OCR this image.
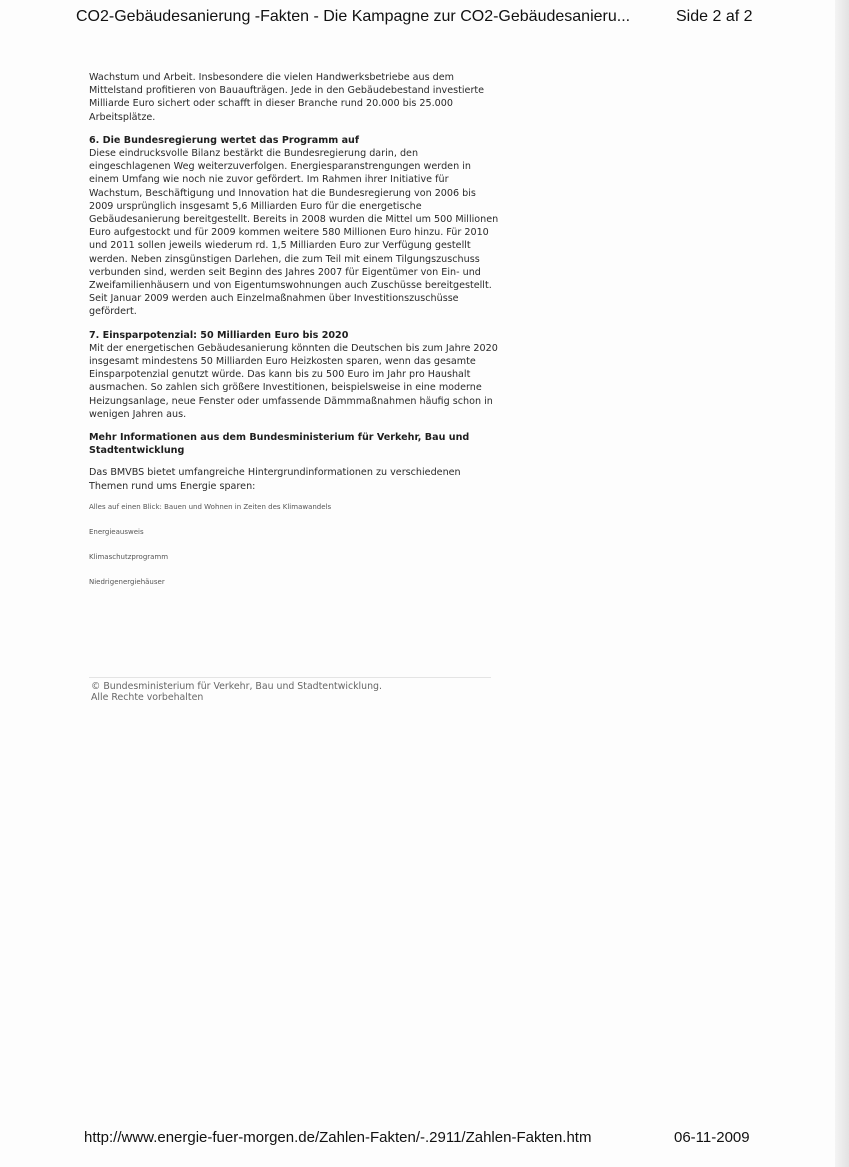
CO2-Gebäudesanierung -Fakten - Die Kampagne zur CO2-Gebäudesanieru...	Side 2 af 2

Wachstum und Arbeit. Insbesondere die vielen Handwerksbetriebe aus dem Mittelstand profitieren von Bauaufträgen. Jede in den Gebäudebestand investierte Milliarde Euro sichert oder schafft in dieser Branche rund 20.000 bis 25.000 Arbeitsplätze.

6. Die Bundesregierung wertet das Programm auf

Diese eindrucksvolle Bilanz bestärkt die Bundesregierung darin, den eingeschlagenen Weg weiterzuverfolgen. Energiesparanstrengungen werden in einem Umfang wie noch nie zuvor gefördert. Im Rahmen ihrer Initiative für Wachstum, Beschäftigung und Innovation hat die Bundesregierung von 2006 bis 2009 ursprünglich insgesamt 5,6 Milliarden Euro für die energetische Gebäudesanierung bereitgestellt. Bereits in 2008 wurden die Mittel um 500 Millionen Euro aufgestockt und für 2009 kommen weitere 580 Millionen Euro hinzu. Für 2010 und 2011 sollen jeweils wiederum rd. 1,5 Milliarden Euro zur Verfügung gestellt werden. Neben zinsgünstigen Darlehen, die zum Teil mit einem Tilgungszuschuss verbunden sind, werden seit Beginn des Jahres 2007 für Eigentümer von Ein- und Zweifamilienhäusern und von Eigentumswohnungen auch Zuschüsse bereitgestellt. Seit Januar 2009 werden auch Einzelmaßnahmen über Investitionszuschüsse gefördert.

7. Einsparpotenzial: 50 Milliarden Euro bis 2020

Mit der energetischen Gebäudesanierung könnten die Deutschen bis zum Jahre 2020 insgesamt mindestens 50 Milliarden Euro Heizkosten sparen, wenn das gesamte Einsparpotenzial genutzt würde. Das kann bis zu 500 Euro im Jahr pro Haushalt ausmachen. So zahlen sich größere Investitionen, beispielsweise in eine moderne Heizungsanlage, neue Fenster oder umfassende Dämmmaßnahmen häufig schon in wenigen Jahren aus.

Mehr Informationen aus dem Bundesministerium für Verkehr, Bau und Stadtentwicklung

Das BMVBS bietet umfangreiche Hintergrundinformationen zu verschiedenen Themen rund ums Energie sparen:

Alles auf einen Blick: Bauen und Wohnen in Zeiten des Klimawandels
Energieausweis
Klimaschutzprogramm
Niedrigenergiehäuser
© Bundesministerium für Verkehr, Bau und Stadtentwicklung.
Alle Rechte vorbehalten
http://www.energie-fuer-morgen.de/Zahlen-Fakten/-.2911/Zahlen-Fakten.htm	06-11-2009
